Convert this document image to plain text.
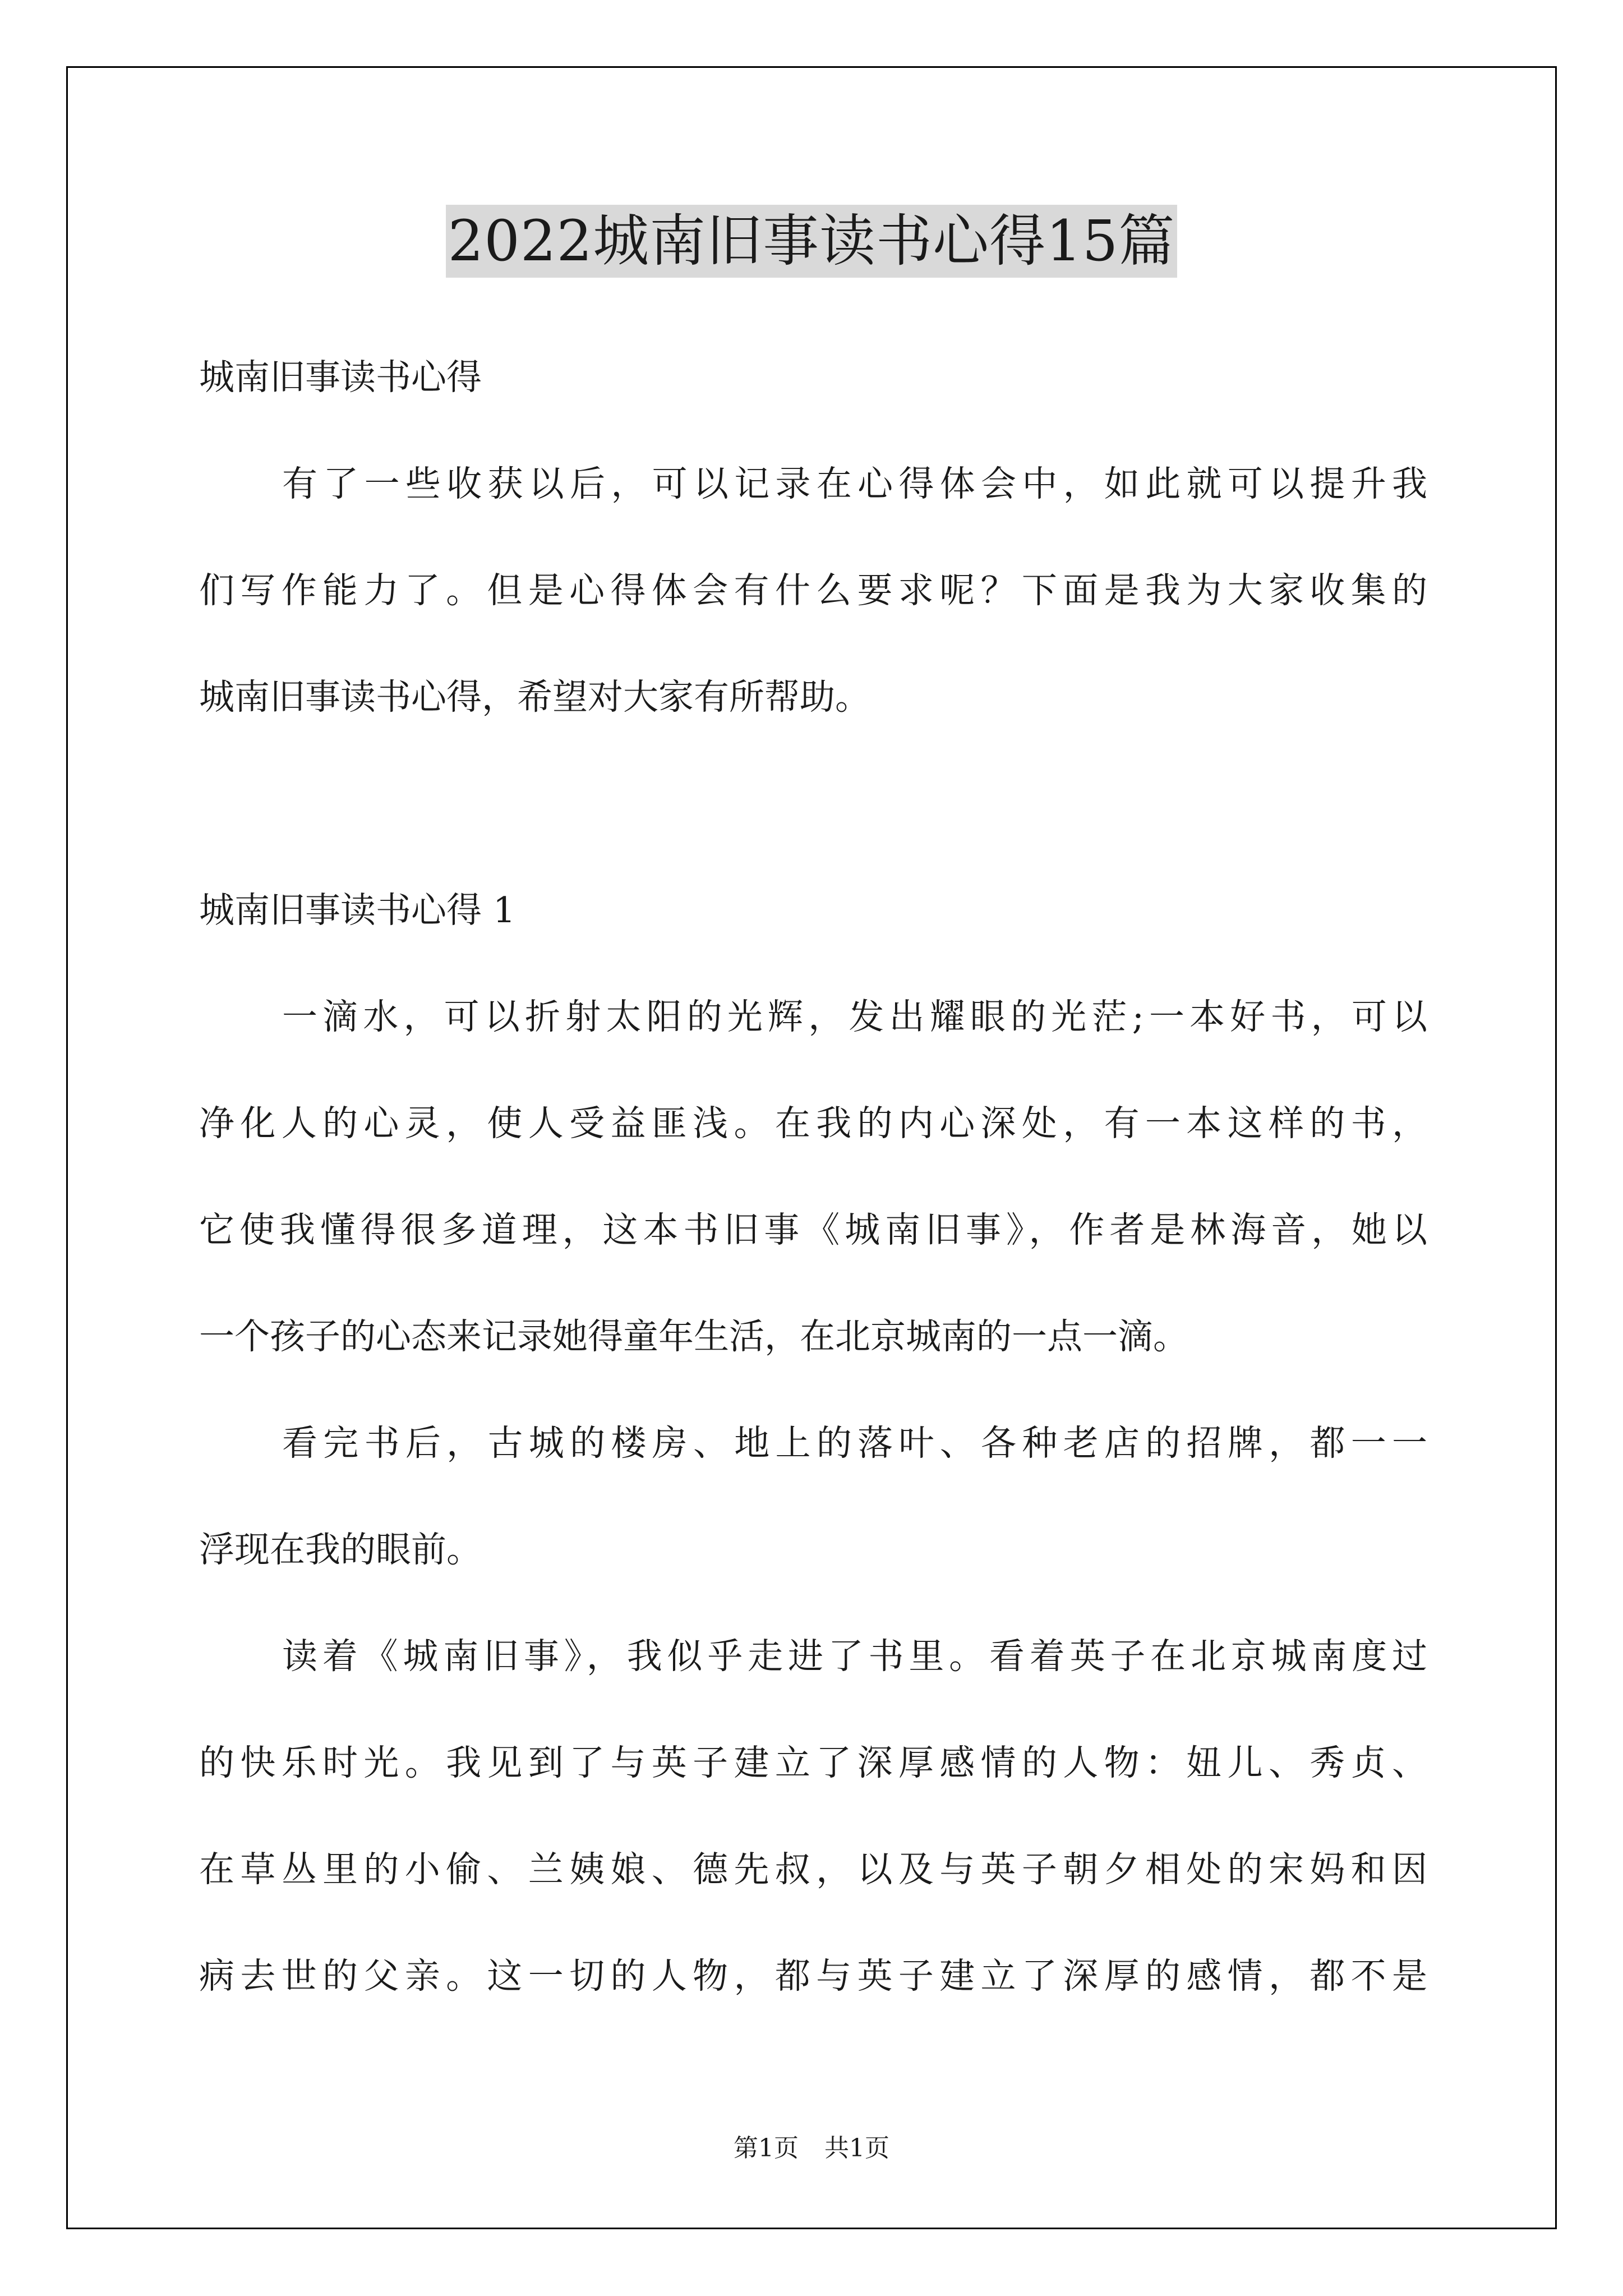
2022城南旧事读书心得15篇
城南旧事读书心得
有了一些收获以后，可以记录在心得体会中，如此就可以提升我
们写作能力了。但是心得体会有什么要求呢？下面是我为大家收集的
城南旧事读书心得，希望对大家有所帮助。
城南旧事读书心得 1
一滴水，可以折射太阳的光辉，发出耀眼的光茫;一本好书，可以
净化人的心灵，使人受益匪浅。在我的内心深处，有一本这样的书，
它使我懂得很多道理，这本书旧事《城南旧事》，作者是林海音，她以
一个孩子的心态来记录她得童年生活，在北京城南的一点一滴。
看完书后，古城的楼房、地上的落叶、各种老店的招牌，都一一
浮现在我的眼前。
读着《城南旧事》，我似乎走进了书里。看着英子在北京城南度过
的快乐时光。我见到了与英子建立了深厚感情的人物：妞儿、秀贞、
在草丛里的小偷、兰姨娘、德先叔，以及与英子朝夕相处的宋妈和因
病去世的父亲。这一切的人物，都与英子建立了深厚的感情，都不是
第1页 共1页
